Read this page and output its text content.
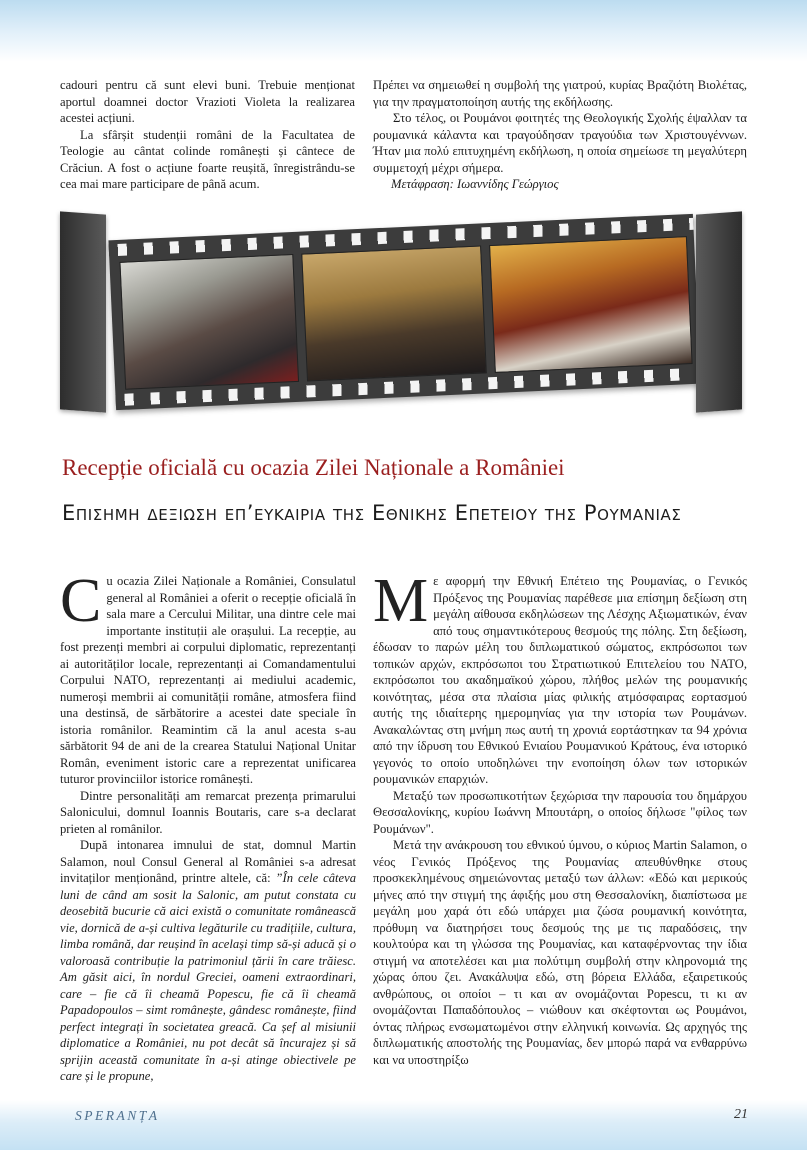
cadouri pentru că sunt elevi buni. Trebuie menționat aportul doamnei doctor Vrazioti Violeta la realizarea acestei acțiuni.

La sfârșit studenții români de la Facultatea de Teologie au cântat colinde românești și cântece de Crăciun. A fost o acțiune foarte reușită, înregistrându-se cea mai mare participare de până acum.

Πρέπει να σημειωθεί η συμβολή της γιατρού, κυρίας Βραζιότη Βιολέτας, για την πραγματοποίηση αυτής της εκδήλωσης.

Στο τέλος, οι Ρουμάνοι φοιτητές της Θεολογικής Σχολής έψαλλαν τα ρουμανικά κάλαντα και τραγούδησαν τραγούδια των Χριστουγέννων. Ήταν μια πολύ επιτυχημένη εκδήλωση, η οποία σημείωσε τη μεγαλύτερη συμμετοχή μέχρι σήμερα.

Μετάφραση: Ιωαννίδης Γεώργιος

Recepție oficială cu ocazia Zilei Naționale a României
Επισημη δεξιωση επ’ευκαιρια της Εθνικης Επετειου της Ρουμανιας

Cu ocazia Zilei Naționale a României, Consulatul general al României a oferit o recepție oficială în sala mare a Cercului Militar, una dintre cele mai importante instituții ale orașului. La recepție, au fost prezenți membri ai corpului diplomatic, reprezentanți ai autorităților locale, reprezentanți ai Comandamentului Corpului NATO, reprezentanți ai mediului academic, numeroși membrii ai comunității române, atmosfera fiind una destinsă, de sărbătorire a acestei date speciale în istoria românilor. Reamintim că la anul acesta s-au sărbătorit 94 de ani de la crearea Statului Național Unitar Român, eveniment istoric care a reprezentat unificarea tuturor provinciilor istorice românești.

Dintre personalități am remarcat prezența primarului Salonicului, domnul Ioannis Boutaris, care s-a declarat prieten al românilor.

După intonarea imnului de stat, domnul Martin Salamon, noul Consul General al României s-a adresat invitaților menționând, printre altele, că: ”În cele câteva luni de când am sosit la Salonic, am putut constata cu deosebită bucurie că aici există o comunitate românească vie, dornică de a-și cultiva legăturile cu tradițiile, cultura, limba română, dar reușind în același timp să-și aducă și o valoroasă contribuție la patrimoniul țării în care trăiesc. Am găsit aici, în nordul Greciei, oameni extraordinari, care – fie că îi cheamă Popescu, fie că îi cheamă Papadopoulos – simt românește, gândesc românește, fiind perfect integrați în societatea greacă. Ca șef al misiunii diplomatice a României, nu pot decât să încurajez și să sprijin această comunitate în a-și atinge obiectivele pe care și le propune,

Με αφορμή την Εθνική Επέτειο της Ρουμανίας, ο Γενικός Πρόξενος της Ρουμανίας παρέθεσε μια επίσημη δεξίωση στη μεγάλη αίθουσα εκδηλώσεων της Λέσχης Αξιωματικών, έναν από τους σημαντικότερους θεσμούς της πόλης. Στη δεξίωση, έδωσαν το παρών μέλη του διπλωματικού σώματος, εκπρόσωποι των τοπικών αρχών, εκπρόσωποι του Στρατιωτικού Επιτελείου του NATO, εκπρόσωποι του ακαδημαϊκού χώρου, πλήθος μελών της ρουμανικής κοινότητας, μέσα στα πλαίσια μίας φιλικής ατμόσφαιρας εορτασμού αυτής της ιδιαίτερης ημερομηνίας για την ιστορία των Ρουμάνων. Ανακαλώντας στη μνήμη πως αυτή τη χρονιά εορτάστηκαν τα 94 χρόνια από την ίδρυση του Εθνικού Ενιαίου Ρουμανικού Κράτους, ένα ιστορικό γεγονός το οποίο υποδηλώνει την ενοποίηση όλων των ιστορικών ρουμανικών επαρχιών.

Μεταξύ των προσωπικοτήτων ξεχώρισα την παρουσία του δημάρχου Θεσσαλονίκης, κυρίου Ιωάννη Μπουτάρη, ο οποίος δήλωσε "φίλος των Ρουμάνων".

Μετά την ανάκρουση του εθνικού ύμνου, ο κύριος Martin Salamon, ο νέος Γενικός Πρόξενος της Ρουμανίας απευθύνθηκε στους προσκεκλημένους σημειώνοντας μεταξύ των άλλων: «Εδώ και μερικούς μήνες από την στιγμή της άφιξής μου στη Θεσσαλονίκη, διαπίστωσα με μεγάλη μου χαρά ότι εδώ υπάρχει μια ζώσα ρουμανική κοινότητα, πρόθυμη να διατηρήσει τους δεσμούς της με τις παραδόσεις, την κουλτούρα και τη γλώσσα της Ρουμανίας, και καταφέρνοντας την ίδια στιγμή να αποτελέσει και μια πολύτιμη συμβολή στην κληρονομιά της χώρας όπου ζει. Ανακάλυψα εδώ, στη βόρεια Ελλάδα, εξαιρετικούς ανθρώπους, οι οποίοι – τι και αν ονομάζονται Popescu, τι κι αν ονομάζονται Παπαδόπουλος – νιώθουν και σκέφτονται ως Ρουμάνοι, όντας πλήρως ενσωματωμένοι στην ελληνική κοινωνία. Ως αρχηγός της διπλωματικής αποστολής της Ρουμανίας, δεν μπορώ παρά να ενθαρρύνω και να υποστηρίξω

SPERANȚA	21
